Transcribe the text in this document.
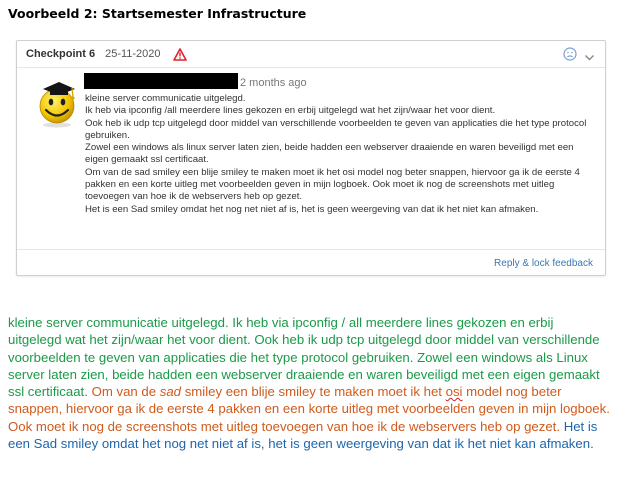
Voorbeeld 2: Startsemester Infrastructure
Checkpoint 6 25-11-2020
2 months ago

kleine server communicatie uitgelegd.

Ik heb via ipconfig /all meerdere lines gekozen en erbij uitgelegd wat het zijn/waar het voor dient.

Ook heb ik udp tcp uitgelegd door middel van verschillende voorbeelden te geven van applicaties die het type protocol gebruiken.

Zowel een windows als linux server laten zien, beide hadden een webserver draaiende en waren beveiligd met een eigen gemaakt ssl certificaat.

Om van de sad smiley een blije smiley te maken moet ik het osi model nog beter snappen, hiervoor ga ik de eerste 4 pakken en een korte uitleg met voorbeelden geven in mijn logboek. Ook moet ik nog de screenshots met uitleg toevoegen van hoe ik de webservers heb op gezet.

Het is een Sad smiley omdat het nog net niet af is, het is geen weergeving van dat ik het niet kan afmaken.

Reply & lock feedback
kleine server communicatie uitgelegd. Ik heb via ipconfig / all meerdere lines gekozen en erbij uitgelegd wat het zijn/waar het voor dient. Ook heb ik udp tcp uitgelegd door middel van verschillende voorbeelden te geven van applicaties die het type protocol gebruiken. Zowel een windows als Linux server laten zien, beide hadden een webserver draaiende en waren beveiligd met een eigen gemaakt ssl certificaat. Om van de sad smiley een blije smiley te maken moet ik het osi model nog beter snappen, hiervoor ga ik de eerste 4 pakken en een korte uitleg met voorbeelden geven in mijn logboek. Ook moet ik nog de screenshots met uitleg toevoegen van hoe ik de webservers heb op gezet. Het is een Sad smiley omdat het nog net niet af is, het is geen weergeving van dat ik het niet kan afmaken.
